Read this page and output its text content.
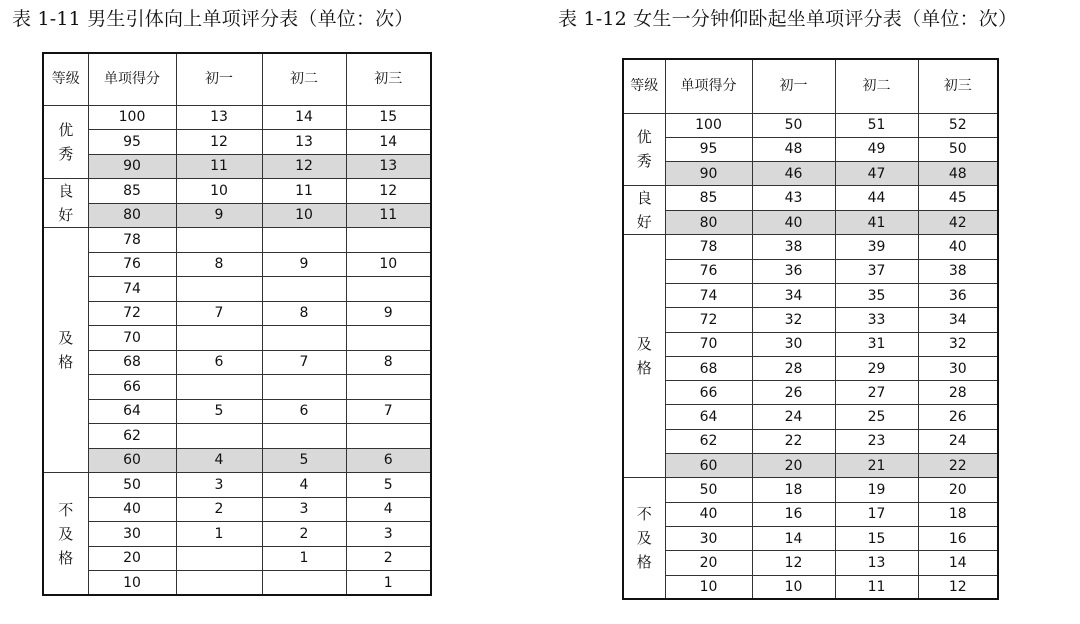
表 1-11 男生引体向上单项评分表（单位：次）	表 1-12 女生一分钟仰卧起坐单项评分表（单位：次）
等级	单项得分	初一	初二	初三

优
秀	100	13	14	15
	95	12	13	14
	90	11	12	13

良
好	85	10	11	12
	80	9	10	11

及
格	78			
	76	8	9	10
	74			
	72	7	8	9
	70			
	68	6	7	8
	66			
	64	5	6	7
	62			
	60	4	5	6

不
及
格	50	3	4	5
	40	2	3	4
	30	1	2	3
	20		1	2
	10			1
等级	单项得分	初一	初二	初三

优
秀	100	50	51	52
	95	48	49	50
	90	46	47	48

良
好	85	43	44	45
	80	40	41	42

及
格	78	38	39	40
	76	36	37	38
	74	34	35	36
	72	32	33	34
	70	30	31	32
	68	28	29	30
	66	26	27	28
	64	24	25	26
	62	22	23	24
	60	20	21	22

不
及
格	50	18	19	20
	40	16	17	18
	30	14	15	16
	20	12	13	14
	10	10	11	12
